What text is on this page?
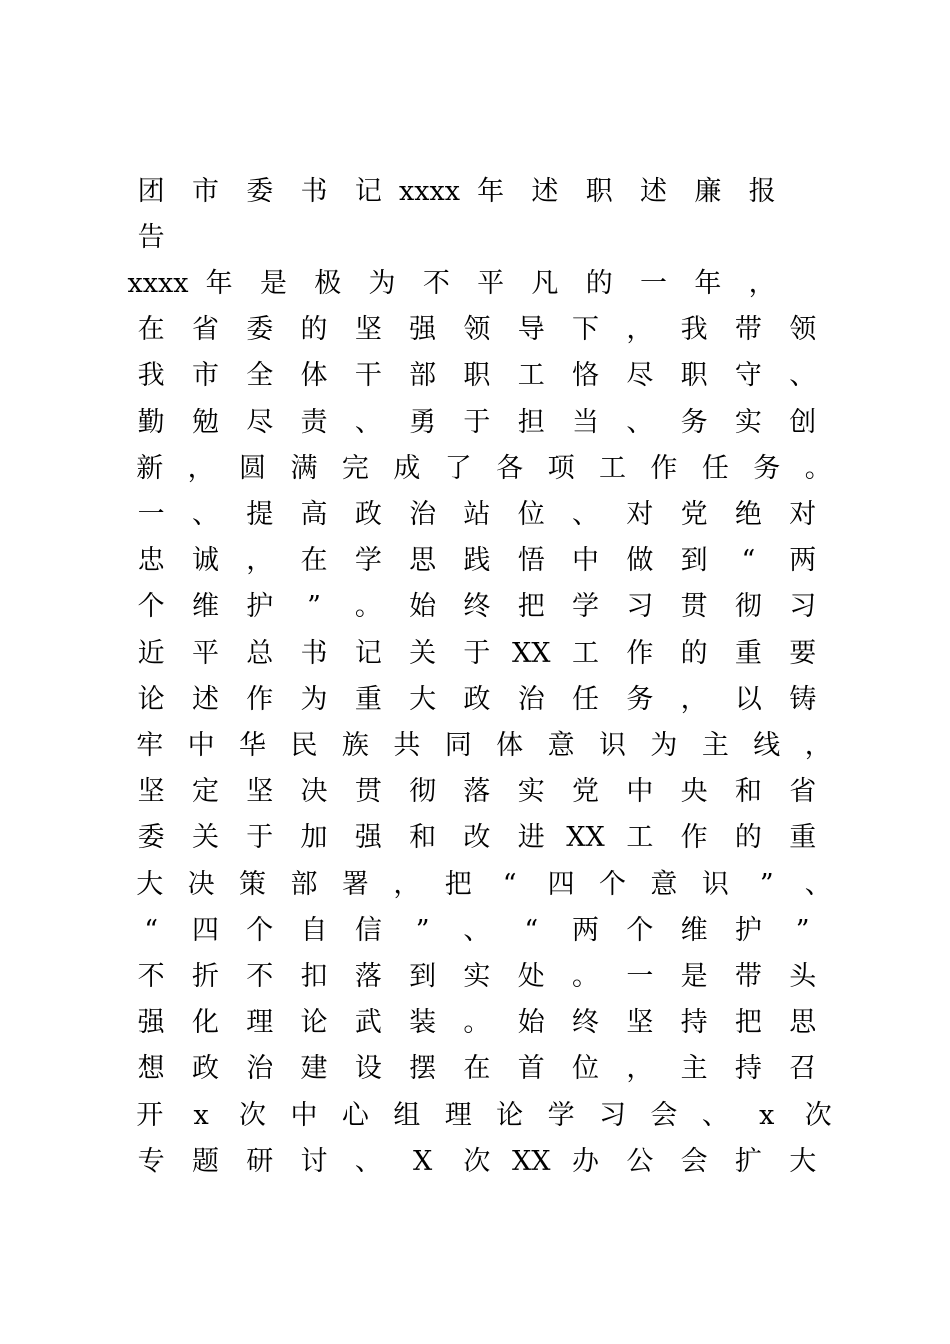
团	市	委	书	记 xxxx 年	述	职	述	廉	报
告
xxxx 年	是	极	为	不	平	凡	的	一	年	，
在	省	委	的	坚	强	领	导	下	，	我	带	领
我	市	全	体	干	部	职	工	恪	尽	职	守	、
勤	勉	尽	责	、	勇	于	担	当	、	务	实	创
新 ， 圆 满 完 成 了 各 项 工 作 任 务 。
一	、	提	高	政	治	站	位	、	对	党	绝	对
忠	诚	，	在	学	思	践	悟	中	做	到	“	两
个	维	护	”	。	始	终	把	学	习	贯	彻	习
近	平	总	书	记	关	于 XX 工	作	的	重	要
论	述	作	为	重	大	政	治	任	务	，	以	铸
牢 中 华 民 族 共 同 体 意 识 为 主 线 ，
坚	定	坚	决	贯	彻	落	实	党	中	央	和	省
委	关	于	加	强	和	改	进 XX 工	作	的	重
大 决 策 部 署 ， 把	“	四 个 意 识	”	、
“	四	个	自	信	”	、	“	两	个	维	护	”
不	折	不	扣	落	到	实	处	。	一	是	带	头
强	化	理	论	武	装	。	始	终	坚	持	把	思
想	政	治	建	设	摆	在	首	位	，	主	持	召
开	x	次 中 心 组 理 论 学 习 会 、	x	次
专	题	研	讨	、	X	次 XX 办	公	会	扩	大
